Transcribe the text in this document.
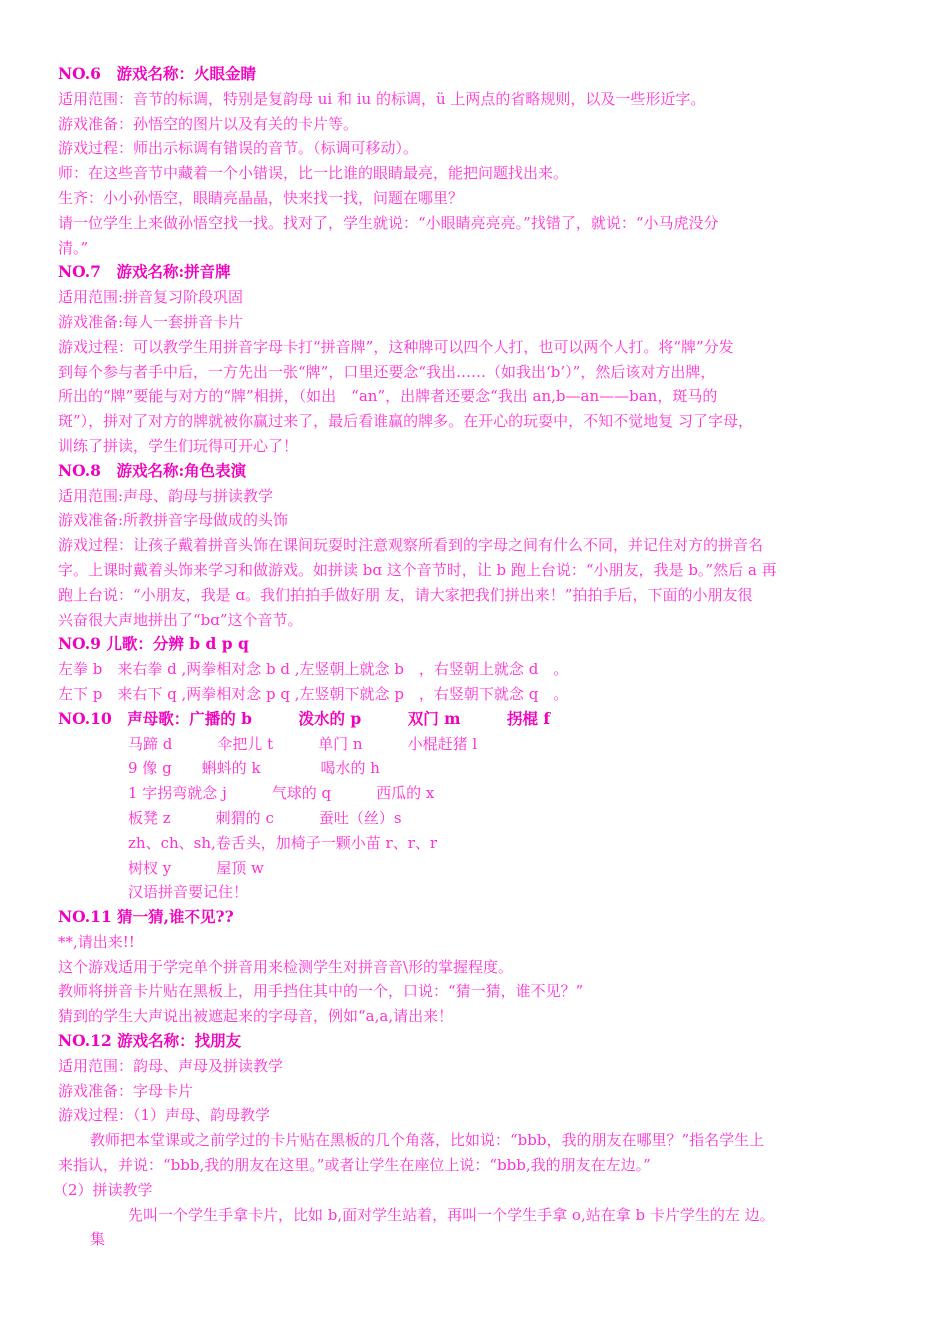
NO.6　游戏名称：火眼金睛
适用范围：音节的标调，特别是复韵母 ui 和 iu 的标调，ü 上两点的省略规则，以及一些形近字。
游戏准备：孙悟空的图片以及有关的卡片等。
游戏过程：师出示标调有错误的音节。（标调可移动）。
师：在这些音节中藏着一个小错误，比一比谁的眼睛最亮，能把问题找出来。
生齐：小小孙悟空，眼睛亮晶晶，快来找一找，问题在哪里？
请一位学生上来做孙悟空找一找。找对了，学生就说：“小眼睛亮亮亮。”找错了，就说：“小马虎没分
清。”
NO.7　游戏名称:拼音牌
适用范围:拼音复习阶段巩固
游戏准备:每人一套拼音卡片
游戏过程：可以教学生用拼音字母卡打“拼音牌”，这种牌可以四个人打，也可以两个人打。将“牌”分发
到每个参与者手中后，一方先出一张“牌”，口里还要念“我出……（如我出‘b’）”，然后该对方出牌，
所出的“牌”要能与对方的“牌”相拼，（如出　“an”，出牌者还要念“我出 an,b—an——ban，斑马的
斑”），拼对了对方的牌就被你赢过来了，最后看谁赢的牌多。在开心的玩耍中，不知不觉地复 习了字母，
训练了拼读，学生们玩得可开心了！
NO.8　游戏名称:角色表演
适用范围:声母、韵母与拼读教学
游戏准备:所教拼音字母做成的头饰
游戏过程：让孩子戴着拼音头饰在课间玩耍时注意观察所看到的字母之间有什么不同，并记住对方的拼音名
字。上课时戴着头饰来学习和做游戏。如拼读 bɑ 这个音节时，让 b 跑上台说：“小朋友，我是 b。”然后 a 再
跑上台说：“小朋友，我是 ɑ。我们拍拍手做好朋 友，请大家把我们拼出来！”拍拍手后，下面的小朋友很
兴奋很大声地拼出了“bɑ”这个音节。
NO.9 儿歌：分辨 b d p q
左拳 b　来右拳 d ,两拳相对念 b d ,左竖朝上就念 b　，右竖朝上就念 d　。
左下 p　来右下 q ,两拳相对念 p q ,左竖朝下就念 p　，右竖朝下就念 q　。
NO.10　声母歌：广播的 b　　　泼水的 p　　　双门 m　　　拐棍 f
马蹄 d　　　伞把儿 t　　　单门 n　　　小棍赶猪 l
9 像 g　　蝌蚪的 k　　　　喝水的 h
1 字拐弯就念 j　　　气球的 q　　　西瓜的 x
板凳 z　　　刺猬的 c　　　蚕吐（丝）s
zh、ch、sh,卷舌头，加椅子一颗小苗 r、r、r
树杈 y　　　屋顶 w
汉语拼音要记住！
NO.11 猜一猜,谁不见??
**,请出来!!
这个游戏适用于学完单个拼音用来检测学生对拼音音\形的掌握程度。
教师将拼音卡片贴在黑板上，用手挡住其中的一个，口说：“猜一猜，谁不见？”
猜到的学生大声说出被遮起来的字母音，例如“a,a,请出来！
NO.12 游戏名称：找朋友
适用范围：韵母、声母及拼读教学
游戏准备：字母卡片
游戏过程：（1）声母、韵母教学
教师把本堂课或之前学过的卡片贴在黑板的几个角落，比如说：“bbb，我的朋友在哪里？”指名学生上
来指认，并说：“bbb,我的朋友在这里。”或者让学生在座位上说：“bbb,我的朋友在左边。”
（2）拼读教学
先叫一个学生手拿卡片，比如 b,面对学生站着，再叫一个学生手拿 o,站在拿 b 卡片学生的左 边。
集
